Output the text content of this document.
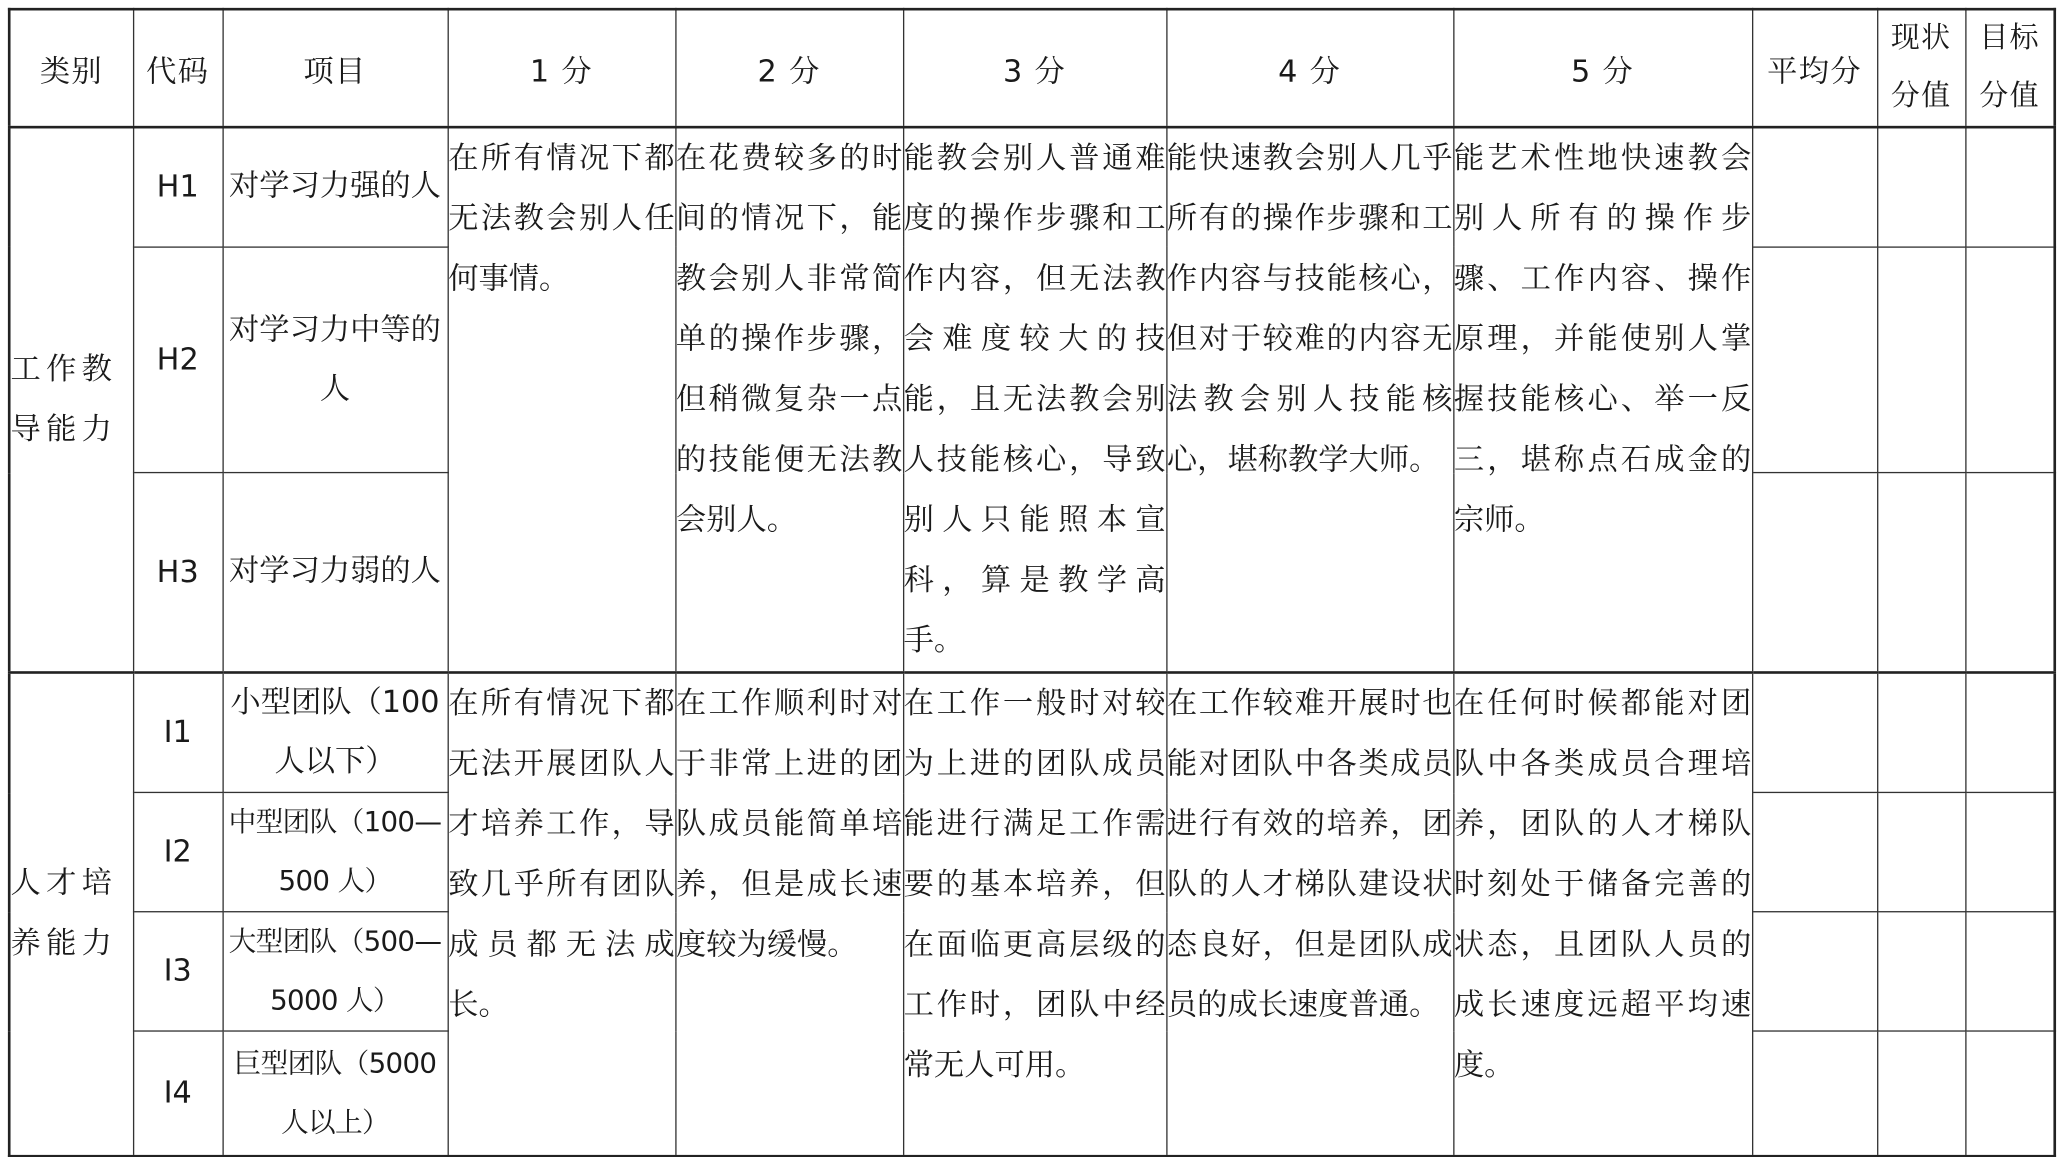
类别	代码	项目	1 分	2 分	3 分	4 分	5 分	平均分	现状分值	目标分值
工作教导能力	H1	对学习力强的人	在所有情况下都无法教会别人任何事情。	在花费较多的时间的情况下，能教会别人非常简单的操作步骤，但稍微复杂一点的技能便无法教会别人。	能教会别人普通难度的操作步骤和工作内容，但无法教会难度较大的技能，且无法教会别人技能核心，导致别人只能照本宣科，算是教学高手。	能快速教会别人几乎所有的操作步骤和工作内容与技能核心，但对于较难的内容无法教会别人技能核心，堪称教学大师。	能艺术性地快速教会别人所有的操作步骤、工作内容、操作原理，并能使别人掌握技能核心、举一反三，堪称点石成金的宗师。			
	H2	对学习力中等的人								
	H3	对学习力弱的人								
人才培养能力	I1	小型团队（100 人以下）	在所有情况下都无法开展团队人才培养工作，导致几乎所有团队成员都无法成长。	在工作顺利时对于非常上进的团队成员能简单培养，但是成长速度较为缓慢。	在工作一般时对较为上进的团队成员能进行满足工作需要的基本培养，但在面临更高层级的工作时，团队中经常无人可用。	在工作较难开展时也能对团队中各类成员进行有效的培养，团队的人才梯队建设状态良好，但是团队成员的成长速度普通。	在任何时候都能对团队中各类成员合理培养，团队的人才梯队时刻处于储备完善的状态，且团队人员的成长速度远超平均速度。			
	I2	中型团队（100—500 人）								
	I3	大型团队（500—5000 人）								
	I4	巨型团队（5000 人以上）								
